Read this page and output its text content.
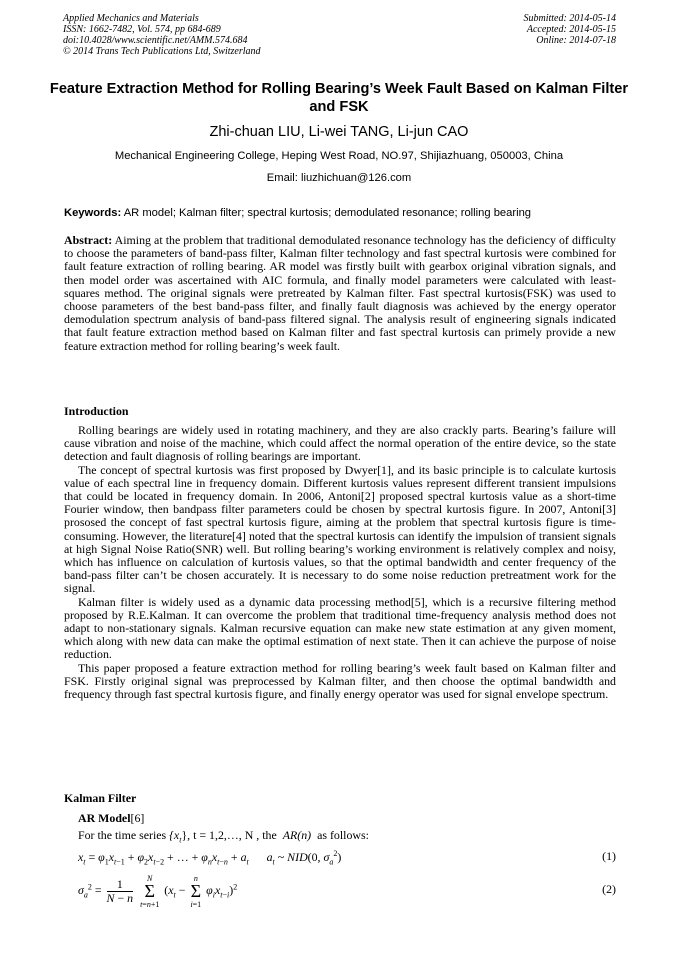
Applied Mechanics and Materials
ISSN: 1662-7482, Vol. 574, pp 684-689
doi:10.4028/www.scientific.net/AMM.574.684
© 2014 Trans Tech Publications Ltd, Switzerland
Submitted: 2014-05-14
Accepted: 2014-05-15
Online: 2014-07-18
Feature Extraction Method for Rolling Bearing’s Week Fault Based on Kalman Filter and FSK
Zhi-chuan LIU, Li-wei TANG, Li-jun CAO
Mechanical Engineering College, Heping West Road, NO.97, Shijiazhuang, 050003, China
Email: liuzhichuan@126.com
Keywords: AR model; Kalman filter; spectral kurtosis; demodulated resonance; rolling bearing

Abstract: Aiming at the problem that traditional demodulated resonance technology has the deficiency of difficulty to choose the parameters of band-pass filter, Kalman filter technology and fast spectral kurtosis were combined for fault feature extraction of rolling bearing. AR model was firstly built with gearbox original vibration signals, and then model order was ascertained with AIC formula, and finally model parameters were calculated with least-squares method. The original signals were pretreated by Kalman filter. Fast spectral kurtosis(FSK) was used to choose parameters of the best band-pass filter, and finally fault diagnosis was achieved by the energy operator demodulation spectrum analysis of band-pass filtered signal. The analysis result of engineering signals indicated that fault feature extraction method based on Kalman filter and fast spectral kurtosis can primely provide a new feature extraction method for rolling bearing’s week fault.

Introduction

Rolling bearings are widely used in rotating machinery, and they are also crackly parts. Bearing’s failure will cause vibration and noise of the machine, which could affect the normal operation of the entire device, so the state detection and fault diagnosis of rolling bearings are important.

The concept of spectral kurtosis was first proposed by Dwyer[1], and its basic principle is to calculate kurtosis value of each spectral line in frequency domain. Different kurtosis values represent different transient impulsions that could be located in frequency domain. In 2006, Antoni[2] proposed spectral kurtosis value as a short-time Fourier window, then bandpass filter parameters could be chosen by spectral kurtosis figure. In 2007, Antoni[3] prososed the concept of fast spectral kurtosis figure, aiming at the problem that spectral kurtosis figure is time-consuming. However, the literature[4] noted that the spectral kurtosis can identify the impulsion of transient signals at high Signal Noise Ratio(SNR) well. But rolling bearing’s working environment is relatively complex and noisy, which has influence on calculation of kurtosis values, so that the optimal bandwidth and center frequency of the band-pass filter can’t be chosen accurately. It is necessary to do some noise reduction pretreatment work for the signal.

Kalman filter is widely used as a dynamic data processing method[5], which is a recursive filtering method proposed by R.E.Kalman. It can overcome the problem that traditional time-frequency analysis method does not adapt to non-stationary signals. Kalman recursive equation can make new state estimation at any given moment, which along with new data can make the optimal estimation of next state. Then it can achieve the purpose of noise reduction.

This paper proposed a feature extraction method for rolling bearing’s week fault based on Kalman filter and FSK. Firstly original signal was preprocessed by Kalman filter, and then choose the optimal bandwidth and frequency through fast spectral kurtosis figure, and finally energy operator was used for signal envelope spectrum.

Kalman Filter
AR Model[6]
For the time series $\{x_t\}$, t = 1,2,…, N , the AR(n) as follows:
$x_t = \varphi_1x_{t-1} + \varphi_2x_{t-2}$ + … + $\varphi_nx_{t-n} + a_t$ $a_t$ ~ NID(0, $\sigma_a^2$)	(1)
$\sigma_a^2 = \frac{1}{N - n}$ N
Σ
t=n+1 ($x_t - n$
Σ
i=1 $\varphi_ix_{t-i})^2$	(2)
